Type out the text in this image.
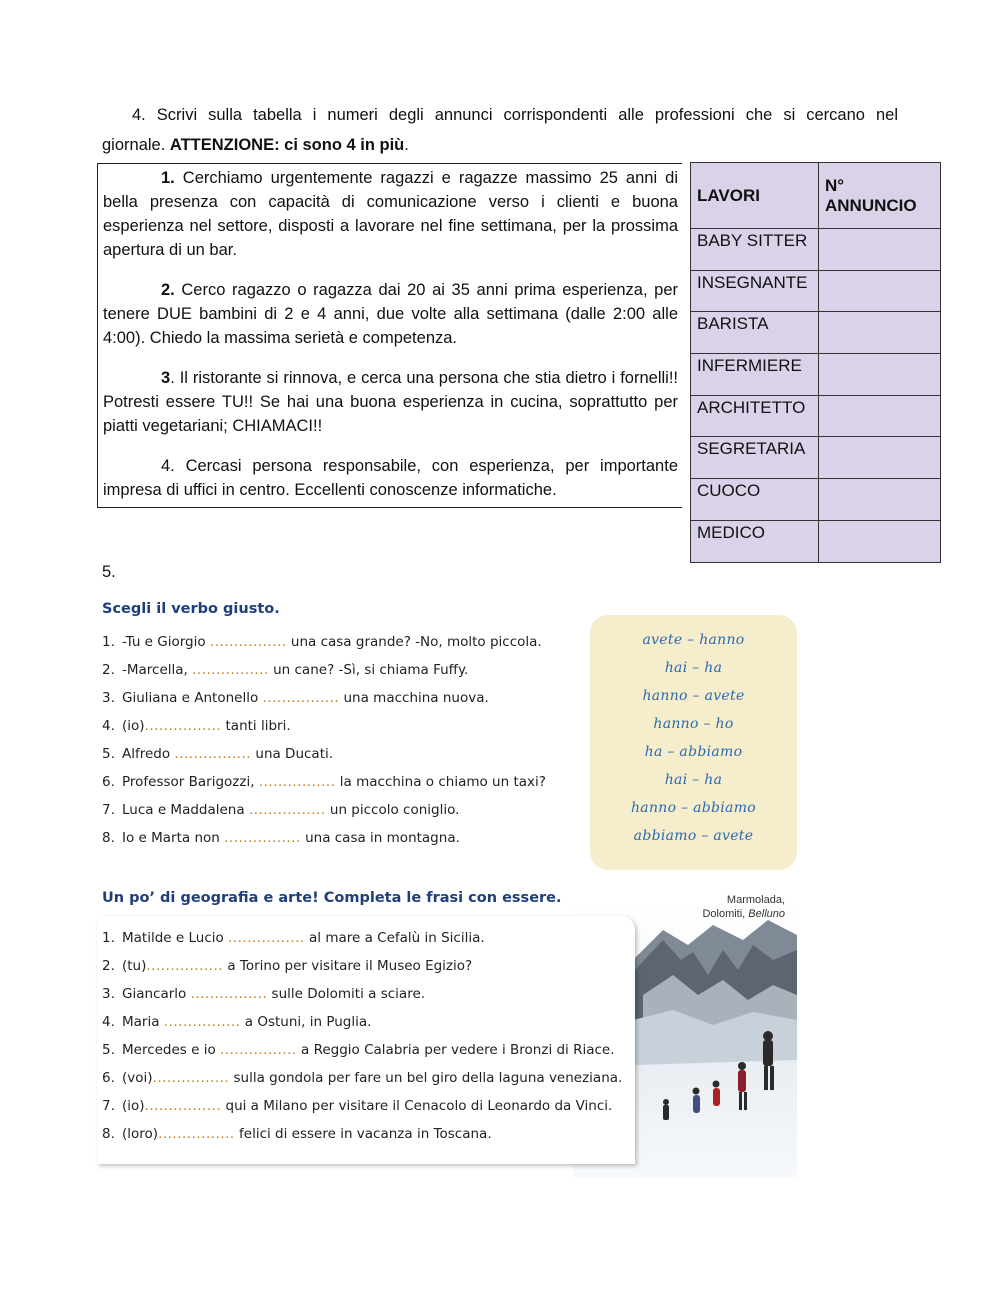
4. Scrivi sulla tabella i numeri degli annunci corrispondenti alle professioni che si cercano nel
giornale. ATTENZIONE: ci sono 4 in più.

1. Cerchiamo urgentemente ragazzi e ragazze massimo 25 anni di bella presenza con capacità di comunicazione verso i clienti e buona esperienza nel settore, disposti a lavorare nel fine settimana, per la prossima apertura di un bar.

2. Cerco ragazzo o ragazza dai 20 ai 35 anni prima esperienza, per tenere DUE bambini di 2 e 4 anni, due volte alla settimana (dalle 2:00 alle 4:00). Chiedo la massima serietà e competenza.

3. Il ristorante si rinnova, e cerca una persona che stia dietro i fornelli!! Potresti essere TU!! Se hai una buona esperienza in cucina, soprattutto per piatti vegetariani; CHIAMACI!!

4. Cercasi persona responsabile, con esperienza, per importante impresa di uffici in centro. Eccellenti conoscenze informatiche.

LAVORI	N°
ANNUNCIO
BABY SITTER	
INSEGNANTE	
BARISTA	
INFERMIERE	
ARCHITETTO	
SEGRETARIA	
CUOCO	
MEDICO	
5.
Scegli il verbo giusto.
1. -Tu e Giorgio ................ una casa grande? -No, molto piccola.
2. -Marcella, ................ un cane? -Sì, si chiama Fuffy.
3. Giuliana e Antonello ................ una macchina nuova.
4. (io)................ tanti libri.
5. Alfredo ................ una Ducati.
6. Professor Barigozzi, ................ la macchina o chiamo un taxi?
7. Luca e Maddalena ................ un piccolo coniglio.
8. Io e Marta non ................ una casa in montagna.
avete – hanno
hai – ha
hanno – avete
hanno – ho
ha – abbiamo
hai – ha
hanno – abbiamo
abbiamo – avete
Un po’ di geografia e arte! Completa le frasi con essere.	Marmolada,
Dolomiti, Belluno
1. Matilde e Lucio ................ al mare a Cefalù in Sicilia.
2. (tu)................ a Torino per visitare il Museo Egizio?
3. Giancarlo ................ sulle Dolomiti a sciare.
4. Maria ................ a Ostuni, in Puglia.
5. Mercedes e io ................ a Reggio Calabria per vedere i Bronzi di Riace.
6. (voi)................ sulla gondola per fare un bel giro della laguna veneziana.
7. (io)................ qui a Milano per visitare il Cenacolo di Leonardo da Vinci.
8. (loro)................ felici di essere in vacanza in Toscana.
